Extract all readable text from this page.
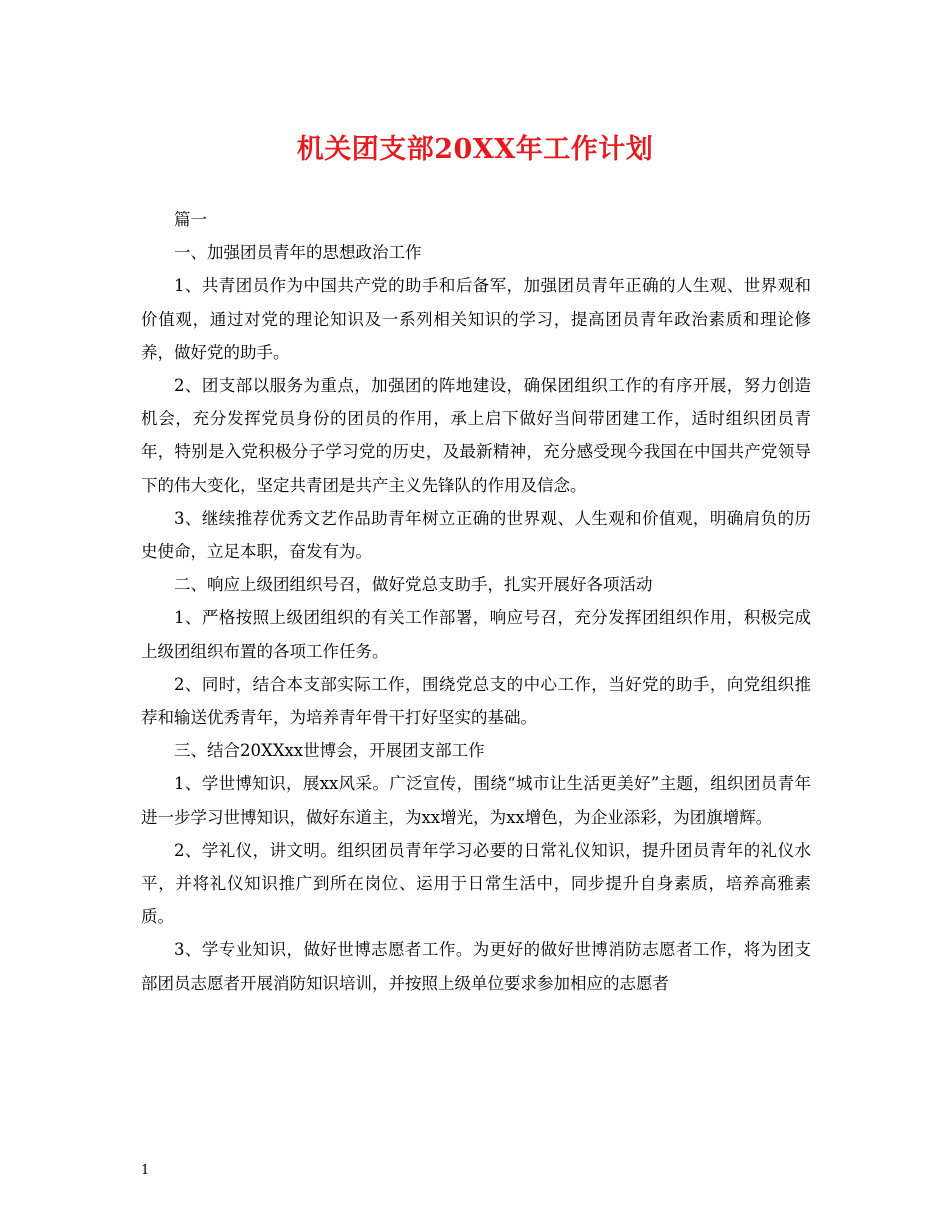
机关团支部20XX年工作计划

篇一

一、加强团员青年的思想政治工作

1、共青团员作为中国共产党的助手和后备军，加强团员青年正确的人生观、世界观和价值观，通过对党的理论知识及一系列相关知识的学习，提高团员青年政治素质和理论修养，做好党的助手。

2、团支部以服务为重点，加强团的阵地建设，确保团组织工作的有序开展，努力创造机会，充分发挥党员身份的团员的作用，承上启下做好当间带团建工作，适时组织团员青年，特别是入党积极分子学习党的历史，及最新精神，充分感受现今我国在中国共产党领导下的伟大变化，坚定共青团是共产主义先锋队的作用及信念。

3、继续推荐优秀文艺作品助青年树立正确的世界观、人生观和价值观，明确肩负的历史使命，立足本职，奋发有为。

二、响应上级团组织号召，做好党总支助手，扎实开展好各项活动

1、严格按照上级团组织的有关工作部署，响应号召，充分发挥团组织作用，积极完成上级团组织布置的各项工作任务。

2、同时，结合本支部实际工作，围绕党总支的中心工作，当好党的助手，向党组织推荐和输送优秀青年，为培养青年骨干打好坚实的基础。

三、结合20XXxx世博会，开展团支部工作

1、学世博知识，展xx风采。广泛宣传，围绕“城市让生活更美好”主题，组织团员青年进一步学习世博知识，做好东道主，为xx增光，为xx增色，为企业添彩，为团旗增辉。

2、学礼仪，讲文明。组织团员青年学习必要的日常礼仪知识，提升团员青年的礼仪水平，并将礼仪知识推广到所在岗位、运用于日常生活中，同步提升自身素质，培养高雅素质。

3、学专业知识，做好世博志愿者工作。为更好的做好世博消防志愿者工作，将为团支部团员志愿者开展消防知识培训，并按照上级单位要求参加相应的志愿者

1
